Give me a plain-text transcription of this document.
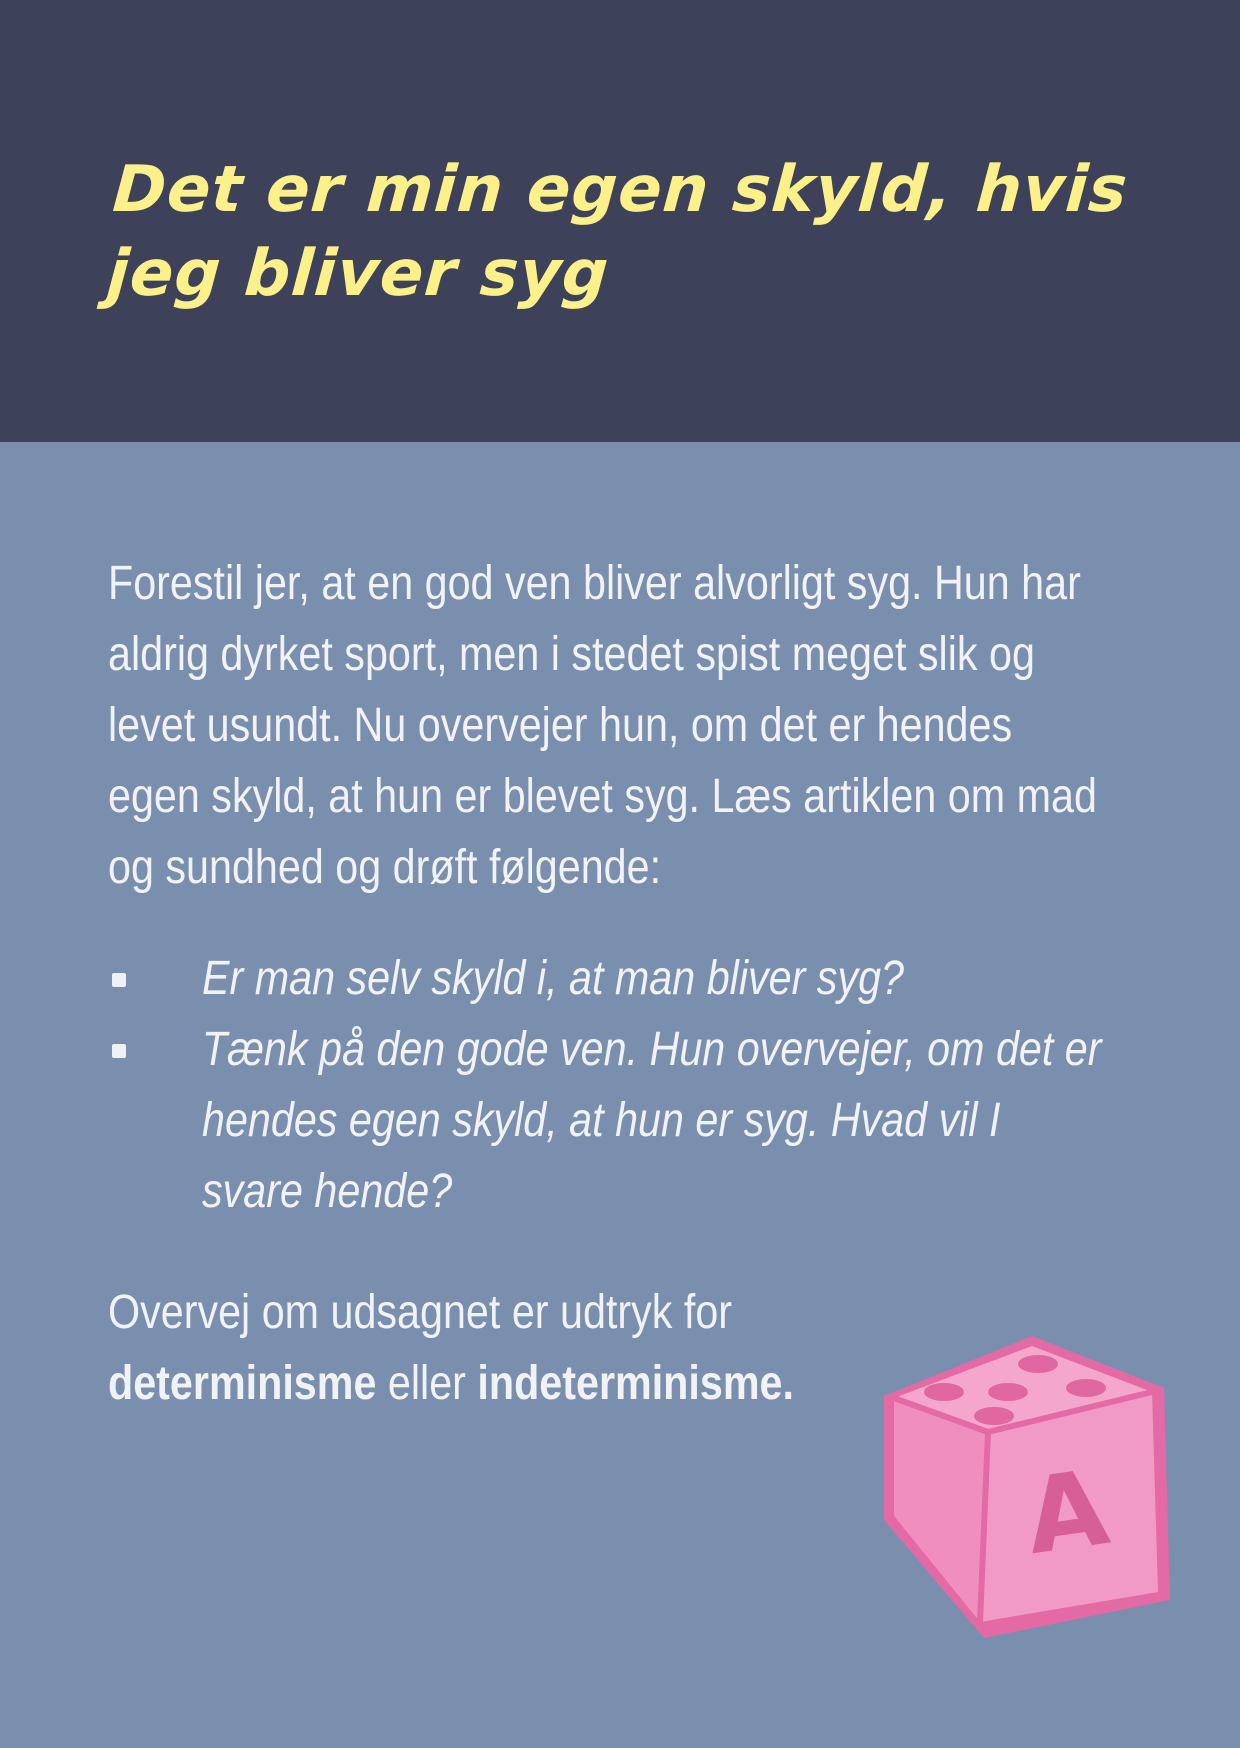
Det er min egen skyld, hvis jeg bliver syg

Forestil jer, at en god ven bliver alvorligt syg. Hun har aldrig dyrket sport, men i stedet spist meget slik og levet usundt. Nu overvejer hun, om det er hendes egen skyld, at hun er blevet syg. Læs artiklen om mad og sundhed og drøft følgende:

Er man selv skyld i, at man bliver syg?
Tænk på den gode ven. Hun overvejer, om det er hendes egen skyld, at hun er syg. Hvad vil I svare hende?

Overvej om udsagnet er udtryk for
determinisme eller indeterminisme.

A
